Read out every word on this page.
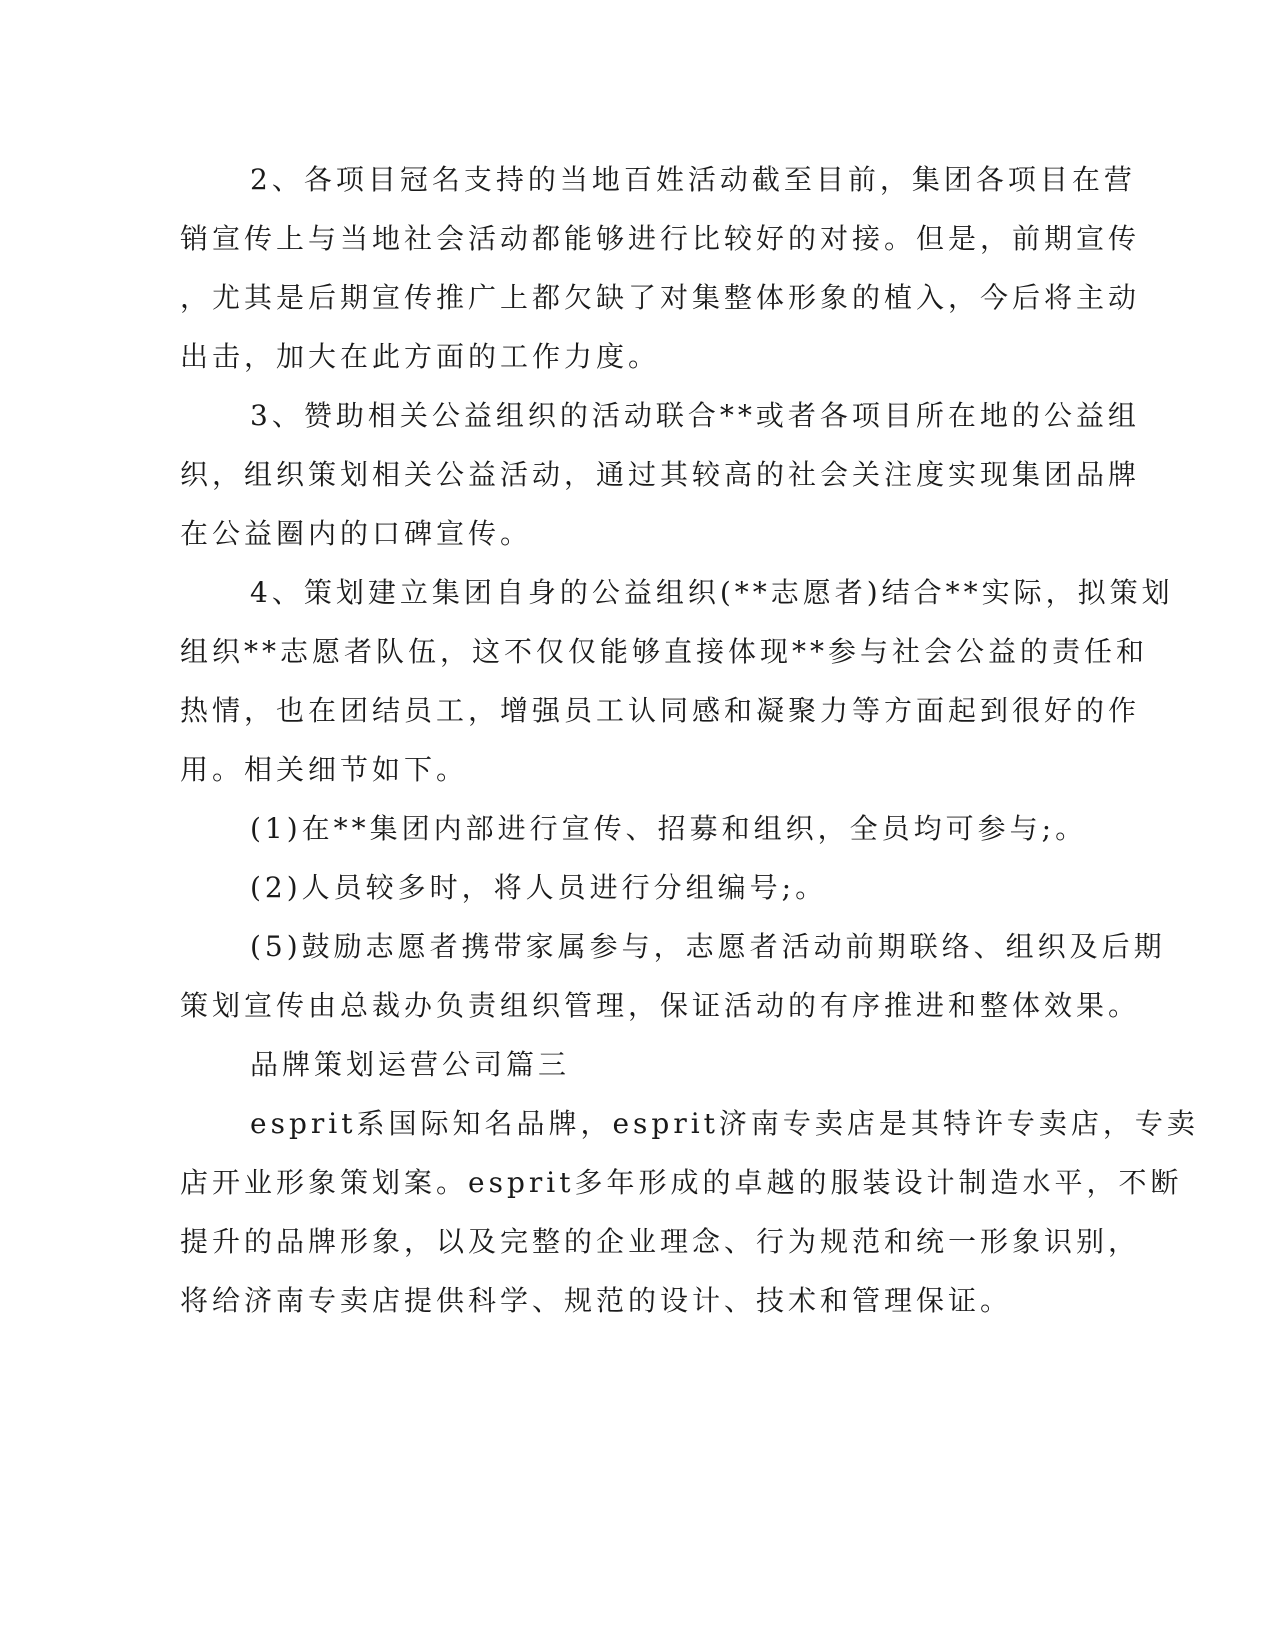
2、各项目冠名支持的当地百姓活动截至目前，集团各项目在营
销宣传上与当地社会活动都能够进行比较好的对接。但是，前期宣传
，尤其是后期宣传推广上都欠缺了对集整体形象的植入，今后将主动
出击，加大在此方面的工作力度。
3、赞助相关公益组织的活动联合**或者各项目所在地的公益组
织，组织策划相关公益活动，通过其较高的社会关注度实现集团品牌
在公益圈内的口碑宣传。
4、策划建立集团自身的公益组织(**志愿者)结合**实际，拟策划
组织**志愿者队伍，这不仅仅能够直接体现**参与社会公益的责任和
热情，也在团结员工，增强员工认同感和凝聚力等方面起到很好的作
用。相关细节如下。
(1)在**集团内部进行宣传、招募和组织，全员均可参与;。
(2)人员较多时，将人员进行分组编号;。
(5)鼓励志愿者携带家属参与，志愿者活动前期联络、组织及后期
策划宣传由总裁办负责组织管理，保证活动的有序推进和整体效果。
品牌策划运营公司篇三
esprit系国际知名品牌，esprit济南专卖店是其特许专卖店，专卖
店开业形象策划案。esprit多年形成的卓越的服装设计制造水平，不断
提升的品牌形象，以及完整的企业理念、行为规范和统一形象识别，
将给济南专卖店提供科学、规范的设计、技术和管理保证。
